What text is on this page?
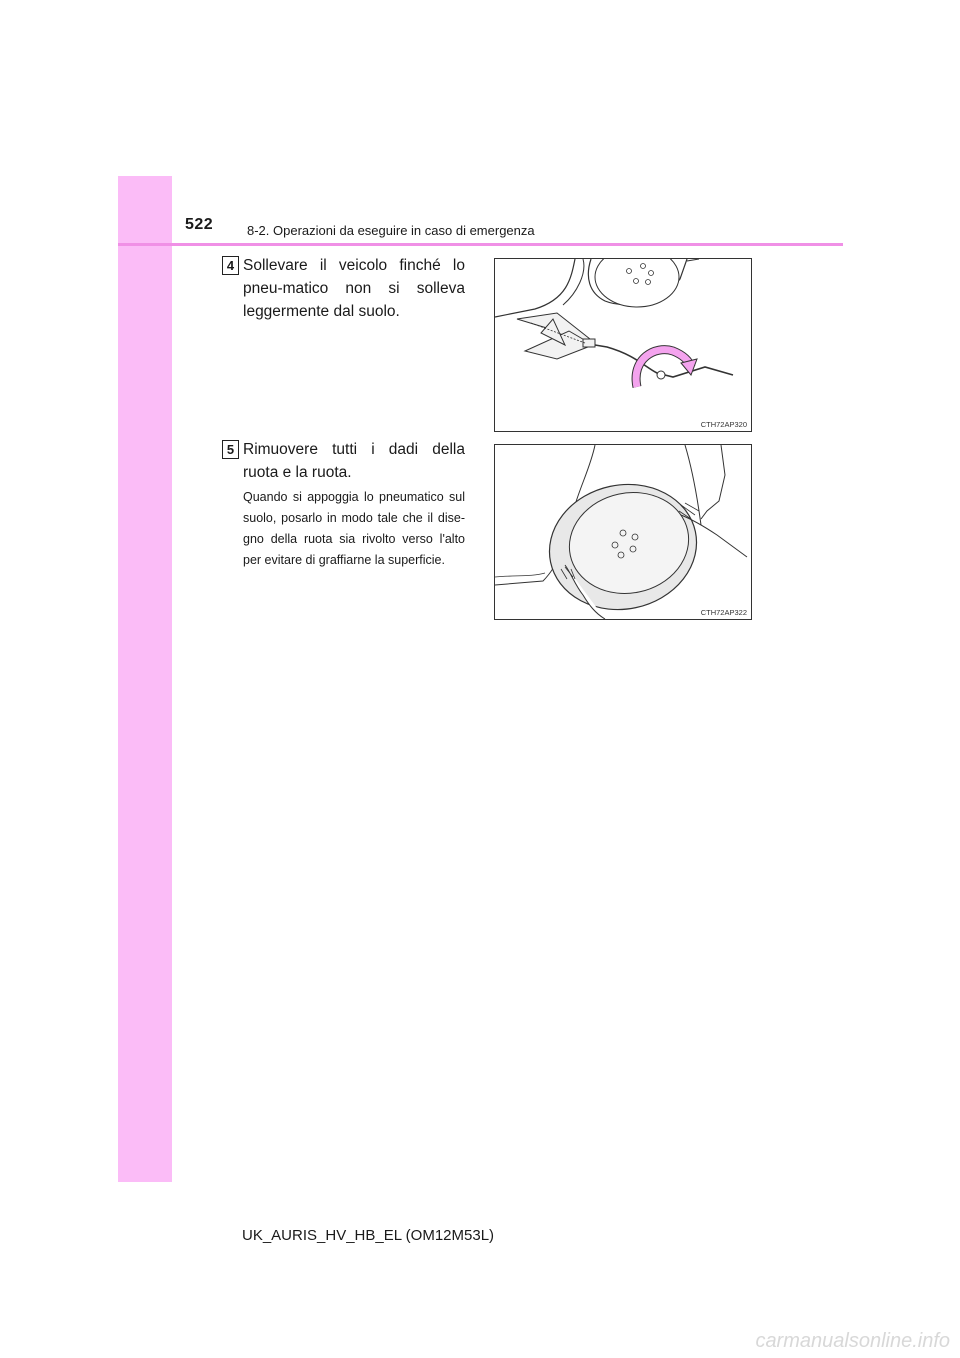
522	8-2. Operazioni da eseguire in caso di emergenza
4 Sollevare il veicolo finché lo pneu-matico non si solleva leggermente dal suolo.
CTH72AP320
5 Rimuovere tutti i dadi della ruota e la ruota.
Quando si appoggia lo pneumatico sul suolo, posarlo in modo tale che il dise-gno della ruota sia rivolto verso l'alto per evitare di graffiarne la superficie.
CTH72AP322
UK_AURIS_HV_HB_EL (OM12M53L)
carmanualsonline.info
